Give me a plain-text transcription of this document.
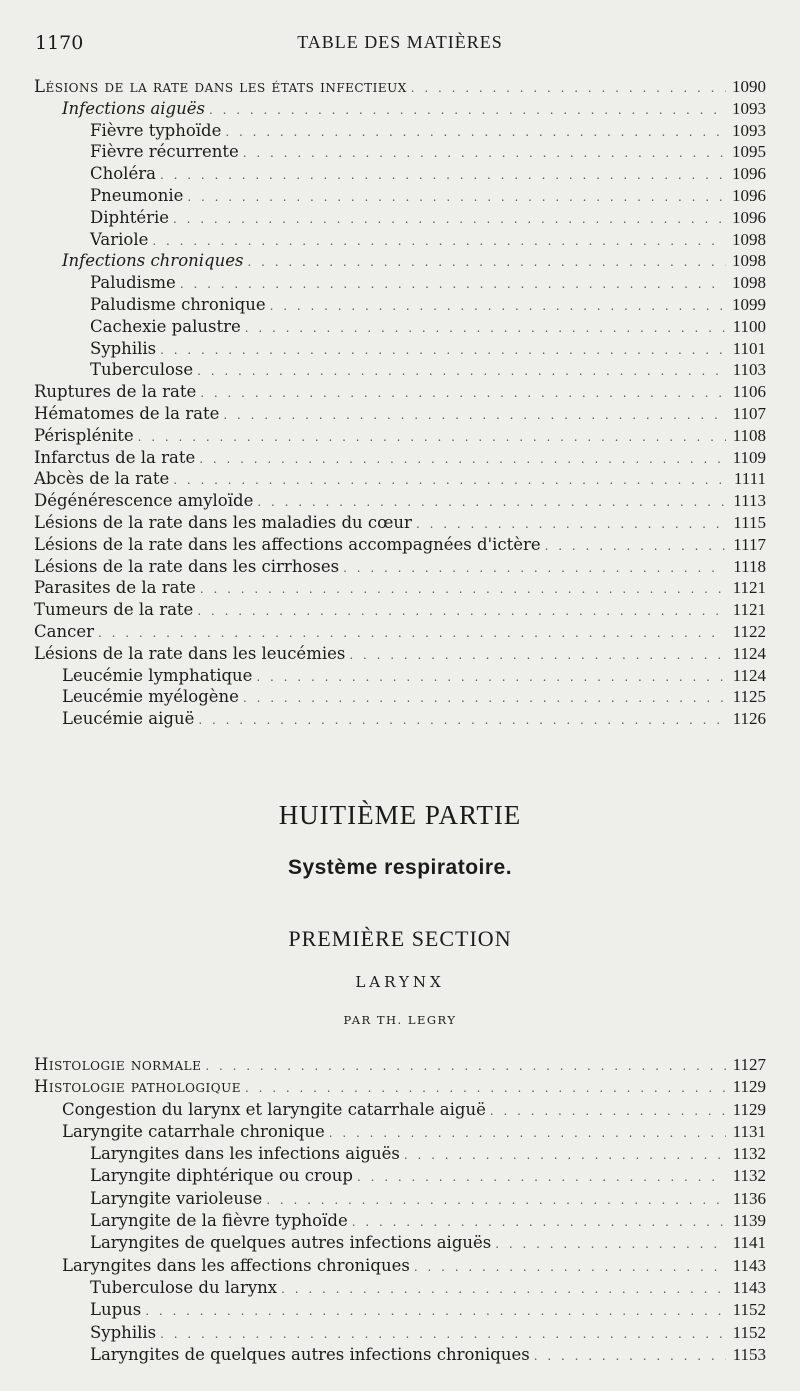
TABLE DES MATIÈRES
1170
Lésions de la rate dans les états infectieux . . .	1090
Infections aiguës . . .	1093
Fièvre typhoïde . . .	1093
Fièvre récurrente . . .	1095
Choléra . . .	1096
Pneumonie . . .	1096
Diphtérie . . .	1096
Variole . . .	1098
Infections chroniques . . .	1098
Paludisme . . .	1098
Paludisme chronique . . .	1099
Cachexie palustre . . .	1100
Syphilis . . .	1101
Tuberculose . . .	1103
Ruptures de la rate . . .	1106
Hématomes de la rate . . .	1107
Périsplénite . . .	1108
Infarctus de la rate . . .	1109
Abcès de la rate . . .	1111
Dégénérescence amyloïde . . .	1113
Lésions de la rate dans les maladies du cœur . . .	1115
Lésions de la rate dans les affections accompagnées d'ictère . . .	1117
Lésions de la rate dans les cirrhoses . . .	1118
Parasites de la rate . . .	1121
Tumeurs de la rate . . .	1121
Cancer . . .	1122
Lésions de la rate dans les leucémies . . .	1124
Leucémie lymphatique . . .	1124
Leucémie myélogène . . .	1125
Leucémie aiguë . . .	1126
HUITIÈME PARTIE
Système respiratoire.
PREMIÈRE SECTION
LARYNX
PAR TH. LEGRY
Histologie normale . . .	1127
Histologie pathologique . . .	1129
Congestion du larynx et laryngite catarrhale aiguë . . .	1129
Laryngite catarrhale chronique . . .	1131
Laryngites dans les infections aiguës . . .	1132
Laryngite diphtérique ou croup . . .	1132
Laryngite varioleuse . . .	1136
Laryngite de la fièvre typhoïde . . .	1139
Laryngites de quelques autres infections aiguës . . .	1141
Laryngites dans les affections chroniques . . .	1143
Tuberculose du larynx . . .	1143
Lupus . . .	1152
Syphilis . . .	1152
Laryngites de quelques autres infections chroniques . . .	1153
